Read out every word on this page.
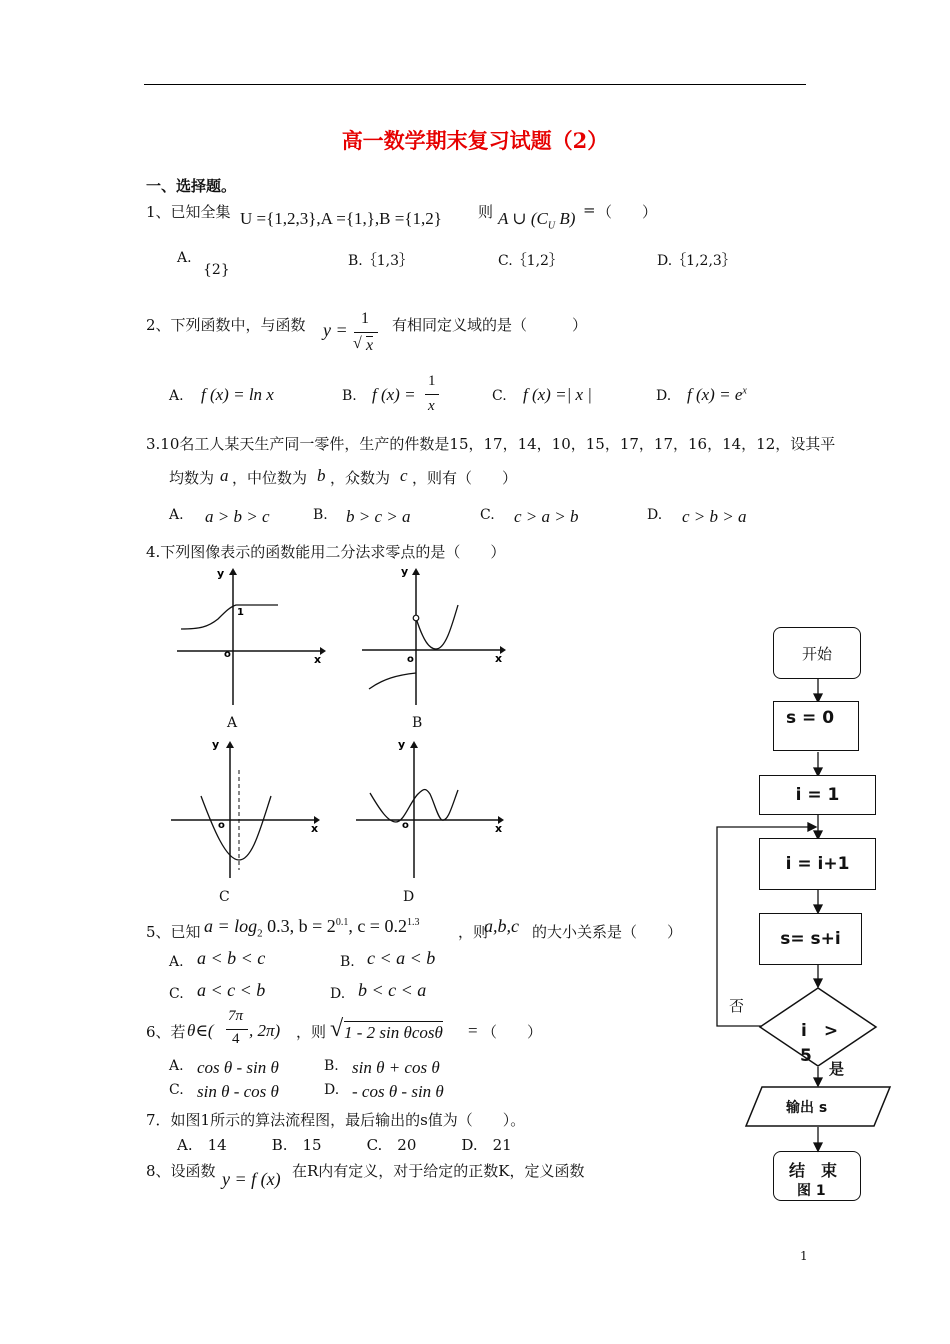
高一数学期末复习试题（2）
一、选择题。
1、已知全集 U ={1,2,3},A ={1,},B ={1,2} 则 A ∪ ($C_U$ B) = （　　）
A.
{2}
B.｛1,3｝	C.｛1,2｝	D.｛1,2,3｝
2、下列函数中，与函数 y =
1
√ x
有相同定义域的是（　　　）
A. f (x) = ln x	B. f (x) =
1
x
C. f (x) =| x |	D. f $(x) = e^x$
3.10名工人某天生产同一零件，生产的件数是15，17，14，10，15，17，17，16，14，12，设其平
均数为 a ，中位数为 b ，众数为 c ，则有（　　）
A. a > b > c	B. b > c > a	C. c > a > b	D. c > b > a
4.下列图像表示的函数能用二分法求零点的是（　　）
o
1
x
y
A
o	x
y
B
o	x
y
C
o	x
y
D
5、已知 $a = \log_2 0.3$, $b = 2^{0.1}$, $c = 0.2^{1.3}$
，则
a,b,c 的大小关系是（　　）
A. a < b < c	B. c < a < b
C. a < c < b	D. b < c < a
6、若 θ∈(
7π
4 , 2π) ，则 √ 1 - 2 sin θcosθ = （　　）
A. cos θ - sin θ	B. sin θ + cos θ
C. sin θ - cos θ	D. - cos θ - sin θ
7．如图1所示的算法流程图，最后输出的s值为（　　）。
A.　14　　　B.　15　　　C.　20　　　D.　21
8、设函数 y = f (x) 在R内有定义，对于给定的正数K，定义函数
开始
s = 0
i = 1
i = i+1
s= s+i
i　>
5
否
是
输出 s
结　束
图 1
1
